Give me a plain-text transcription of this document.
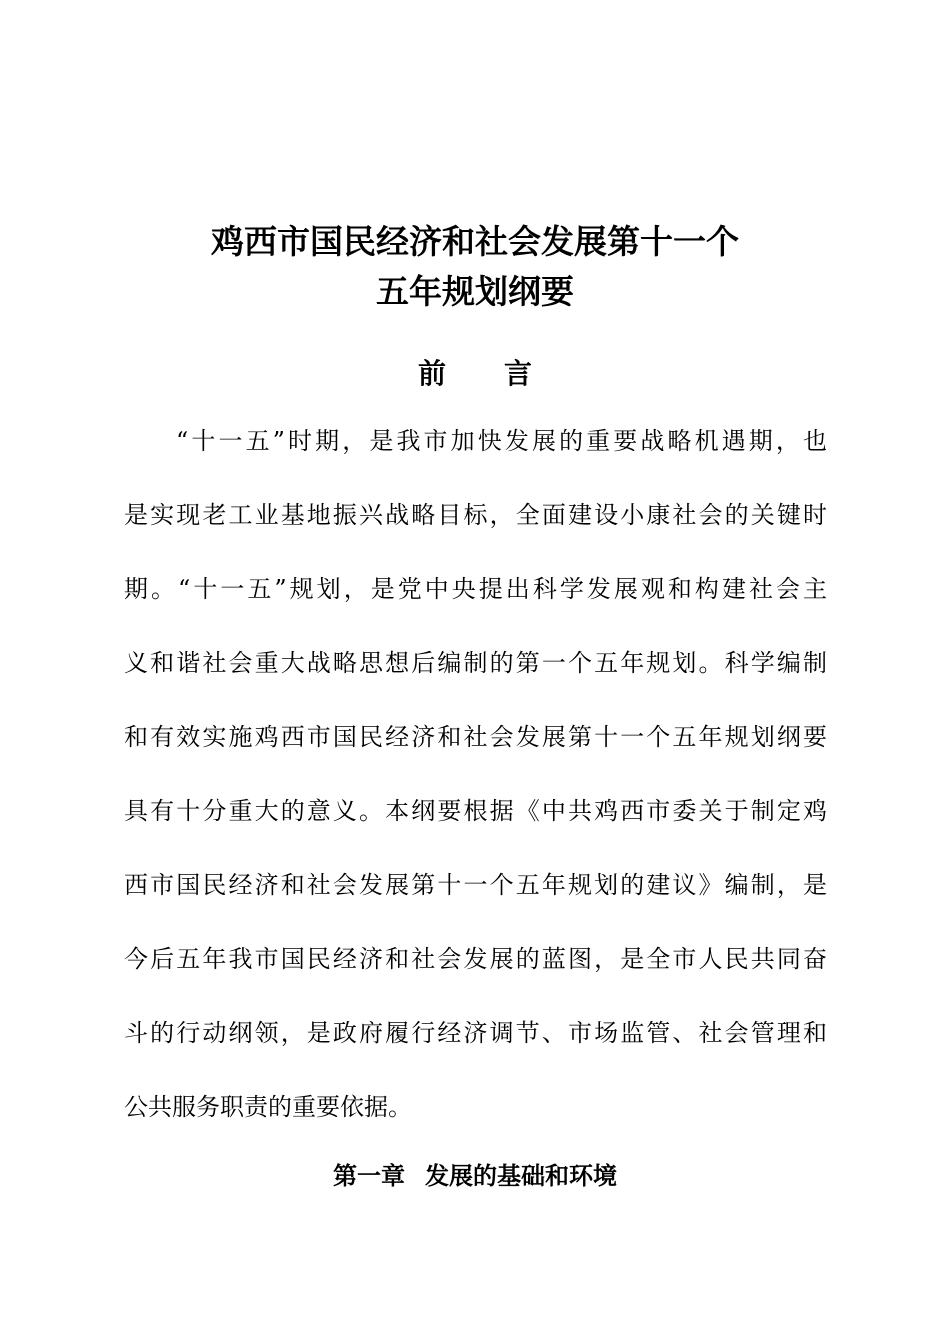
鸡西市国民经济和社会发展第十一个
五年规划纲要
前 言
“十一五”时期，是我市加快发展的重要战略机遇期，也
是实现老工业基地振兴战略目标，全面建设小康社会的关键时
期。“十一五”规划，是党中央提出科学发展观和构建社会主
义和谐社会重大战略思想后编制的第一个五年规划。科学编制
和有效实施鸡西市国民经济和社会发展第十一个五年规划纲要
具有十分重大的意义。本纲要根据《中共鸡西市委关于制定鸡
西市国民经济和社会发展第十一个五年规划的建议》编制，是
今后五年我市国民经济和社会发展的蓝图，是全市人民共同奋
斗的行动纲领，是政府履行经济调节、市场监管、社会管理和
公共服务职责的重要依据。
第一章 发展的基础和环境
